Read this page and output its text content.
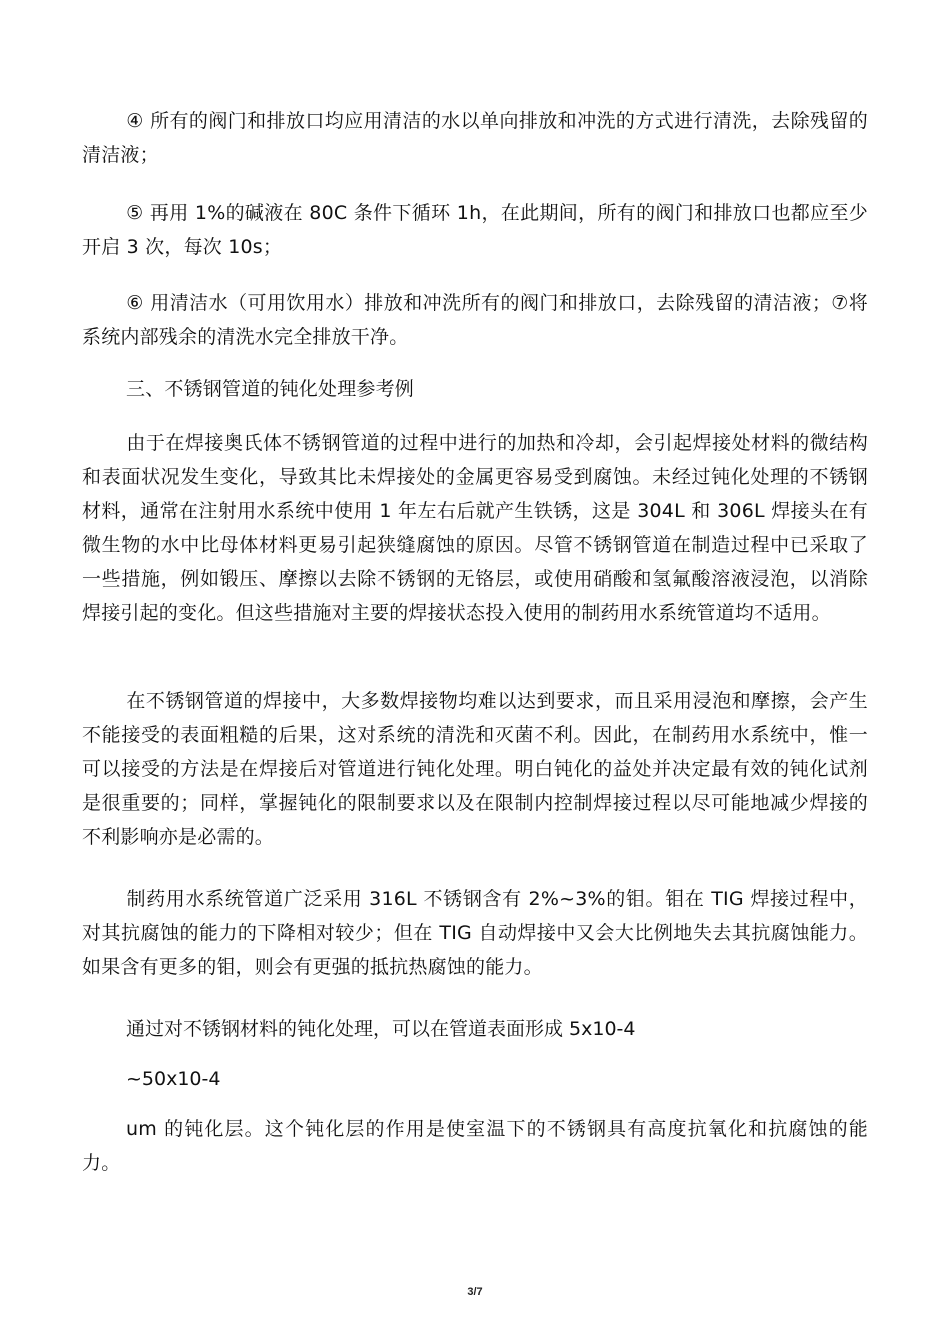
④ 所有的阀门和排放口均应用清洁的水以单向排放和冲洗的方式进行清洗，去除残留的清洁液；

⑤ 再用 1%的碱液在 80C 条件下循环 1h，在此期间，所有的阀门和排放口也都应至少开启 3 次，每次 10s；

⑥ 用清洁水（可用饮用水）排放和冲洗所有的阀门和排放口，去除残留的清洁液；⑦将系统内部残余的清洗水完全排放干净。

三、不锈钢管道的钝化处理参考例

由于在焊接奥氏体不锈钢管道的过程中进行的加热和冷却，会引起焊接处材料的微结构和表面状况发生变化，导致其比未焊接处的金属更容易受到腐蚀。未经过钝化处理的不锈钢材料，通常在注射用水系统中使用 1 年左右后就产生铁锈，这是 304L 和 306L 焊接头在有微生物的水中比母体材料更易引起狭缝腐蚀的原因。尽管不锈钢管道在制造过程中已采取了一些措施，例如锻压、摩擦以去除不锈钢的无铬层，或使用硝酸和氢氟酸溶液浸泡，以消除焊接引起的变化。但这些措施对主要的焊接状态投入使用的制药用水系统管道均不适用。

在不锈钢管道的焊接中，大多数焊接物均难以达到要求，而且采用浸泡和摩擦，会产生不能接受的表面粗糙的后果，这对系统的清洗和灭菌不利。因此，在制药用水系统中，惟一可以接受的方法是在焊接后对管道进行钝化处理。明白钝化的益处并决定最有效的钝化试剂是很重要的；同样，掌握钝化的限制要求以及在限制内控制焊接过程以尽可能地减少焊接的不利影响亦是必需的。

制药用水系统管道广泛采用 316L 不锈钢含有 2%~3%的钼。钼在 TIG 焊接过程中，对其抗腐蚀的能力的下降相对较少；但在 TIG 自动焊接中又会大比例地失去其抗腐蚀能力。如果含有更多的钼，则会有更强的抵抗热腐蚀的能力。

通过对不锈钢材料的钝化处理，可以在管道表面形成 5x10-4

~50x10-4

um 的钝化层。这个钝化层的作用是使室温下的不锈钢具有高度抗氧化和抗腐蚀的能力。

3/7
